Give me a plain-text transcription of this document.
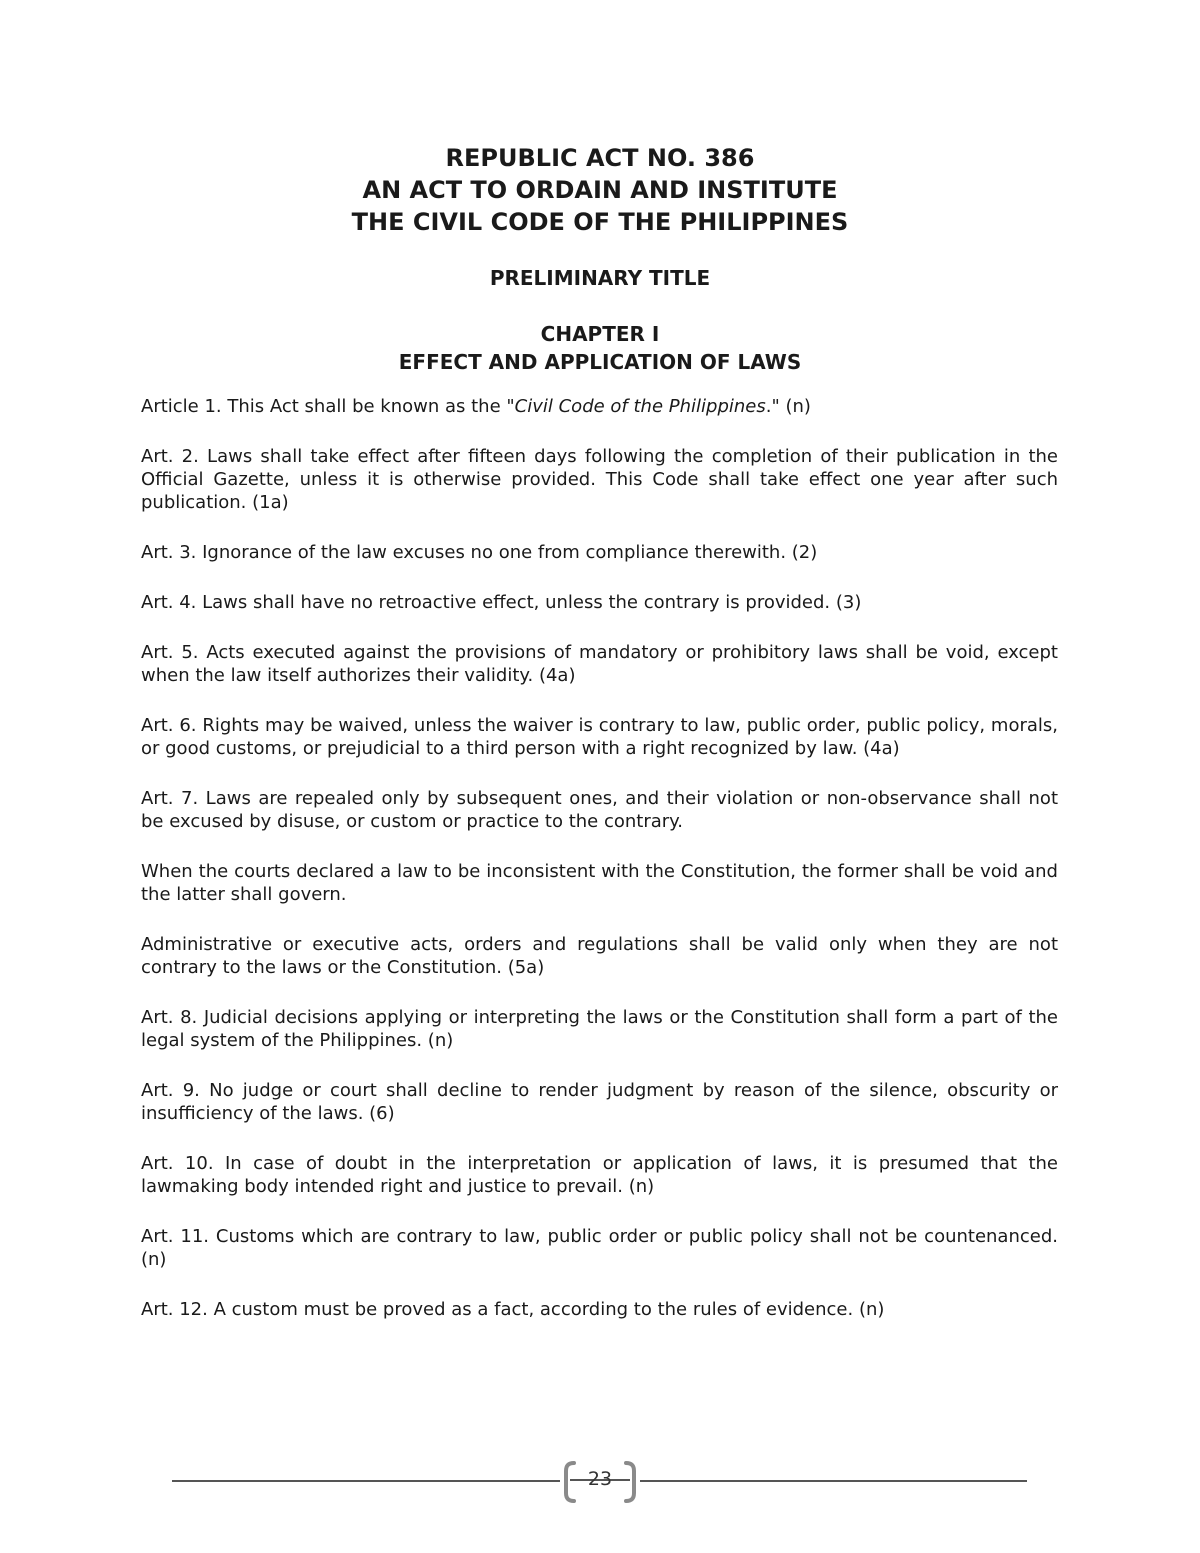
REPUBLIC ACT NO. 386
AN ACT TO ORDAIN AND INSTITUTE
THE CIVIL CODE OF THE PHILIPPINES
PRELIMINARY TITLE
CHAPTER I
EFFECT AND APPLICATION OF LAWS

Article 1. This Act shall be known as the "Civil Code of the Philippines." (n)

Art. 2. Laws shall take effect after fifteen days following the completion of their publication in the Official Gazette, unless it is otherwise provided. This Code shall take effect one year after such publication. (1a)

Art. 3. Ignorance of the law excuses no one from compliance therewith. (2)

Art. 4. Laws shall have no retroactive effect, unless the contrary is provided. (3)

Art. 5. Acts executed against the provisions of mandatory or prohibitory laws shall be void, except when the law itself authorizes their validity. (4a)

Art. 6. Rights may be waived, unless the waiver is contrary to law, public order, public policy, morals, or good customs, or prejudicial to a third person with a right recognized by law. (4a)

Art. 7. Laws are repealed only by subsequent ones, and their violation or non-observance shall not be excused by disuse, or custom or practice to the contrary.

When the courts declared a law to be inconsistent with the Constitution, the former shall be void and the latter shall govern.

Administrative or executive acts, orders and regulations shall be valid only when they are not contrary to the laws or the Constitution. (5a)

Art. 8. Judicial decisions applying or interpreting the laws or the Constitution shall form a part of the legal system of the Philippines. (n)

Art. 9. No judge or court shall decline to render judgment by reason of the silence, obscurity or insufficiency of the laws. (6)

Art. 10. In case of doubt in the interpretation or application of laws, it is presumed that the lawmaking body intended right and justice to prevail. (n)

Art. 11. Customs which are contrary to law, public order or public policy shall not be countenanced. (n)

Art. 12. A custom must be proved as a fact, according to the rules of evidence. (n)

23
